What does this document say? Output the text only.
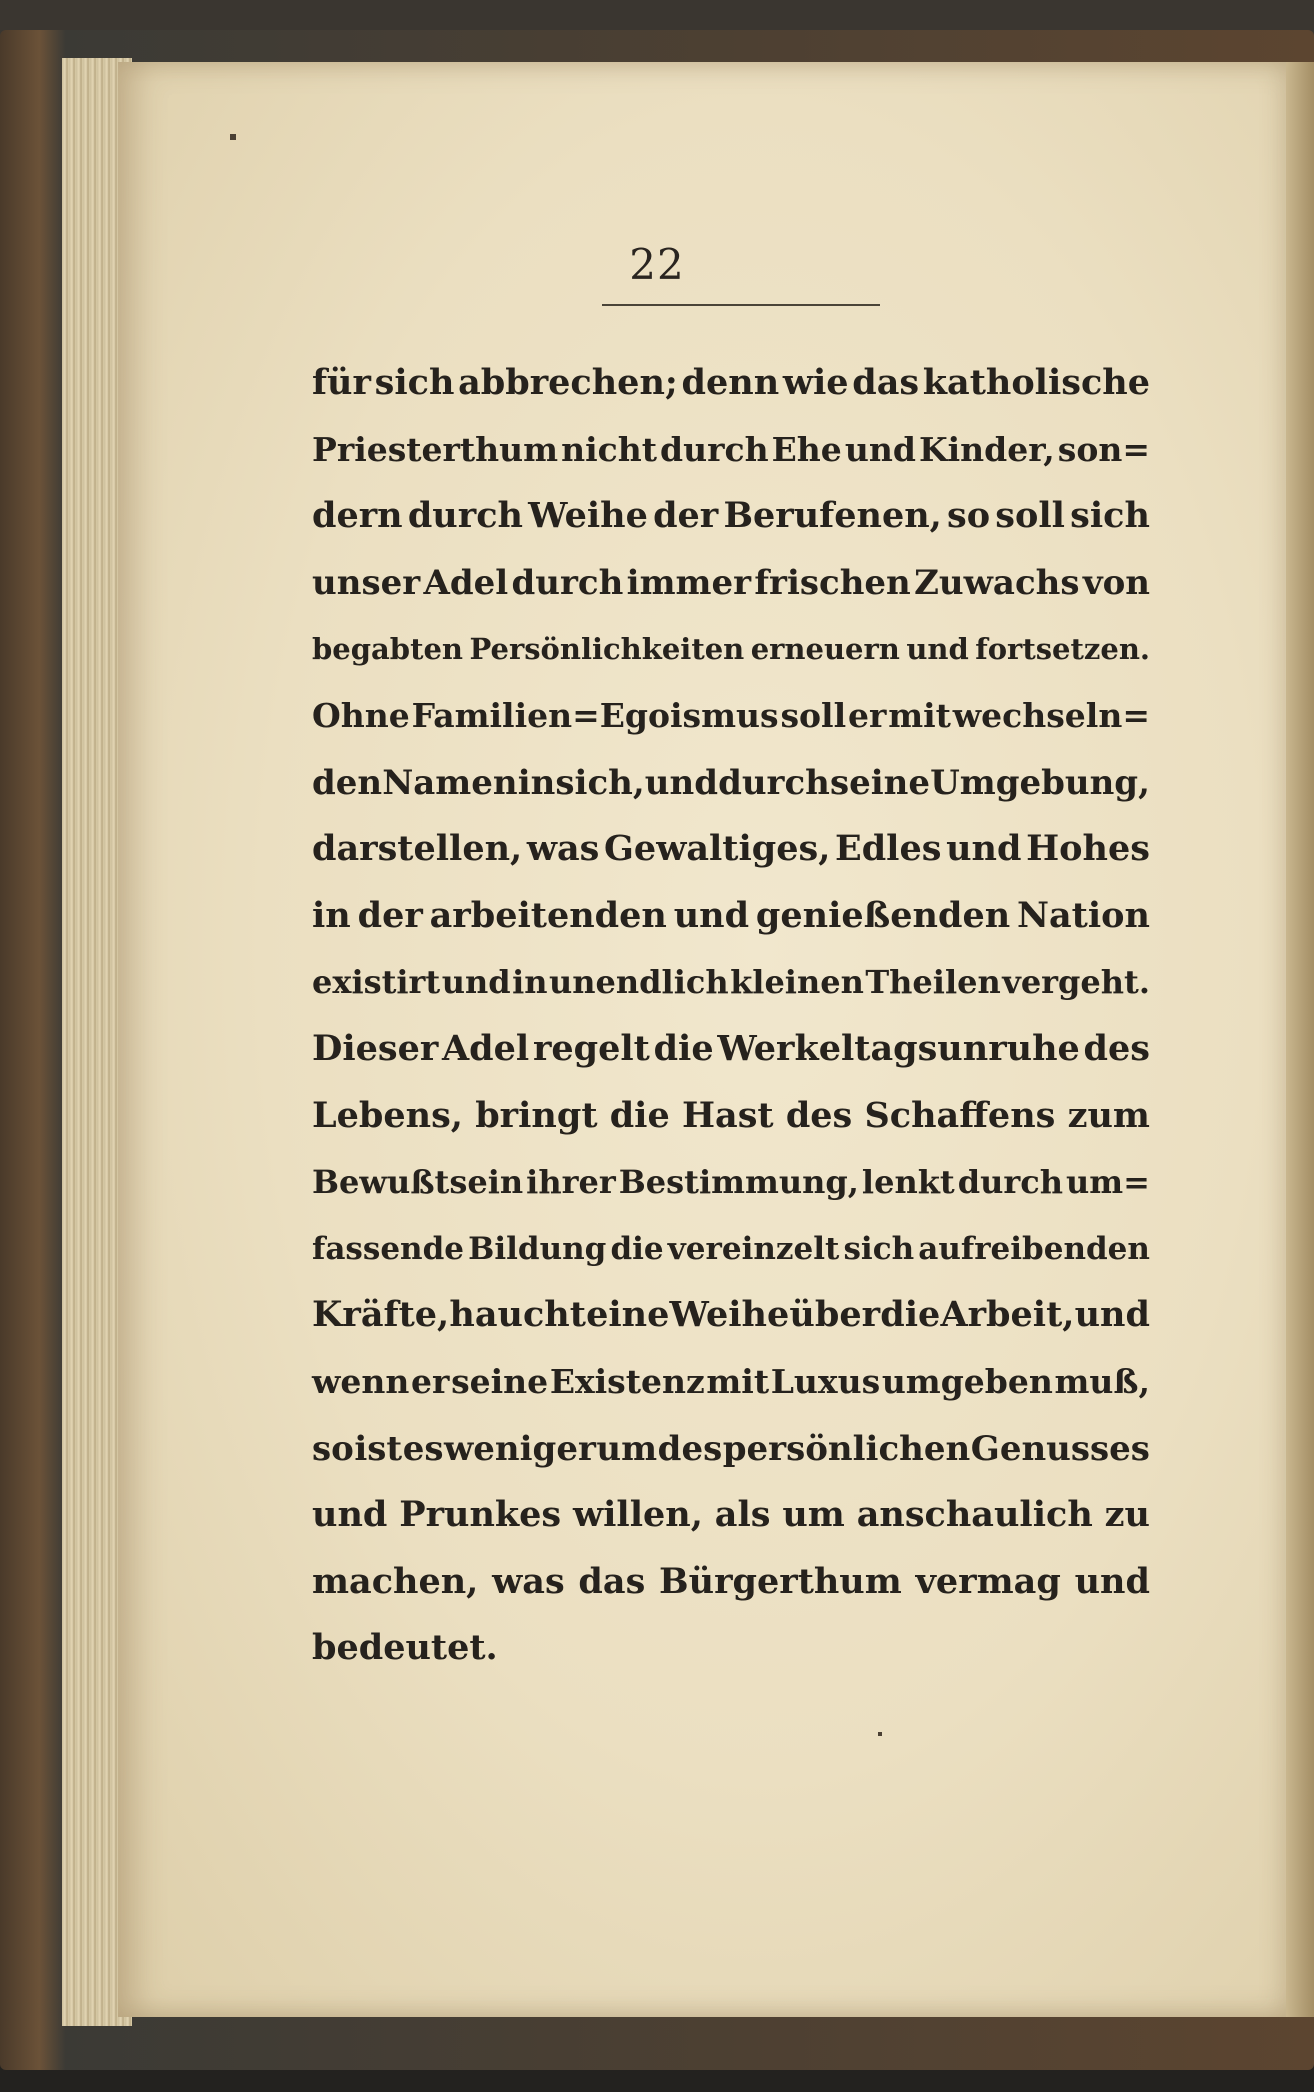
22
für sich abbrechen; denn wie das katholische
Priesterthum nicht durch Ehe und Kinder, son=
dern durch Weihe der Berufenen, so soll sich
unser Adel durch immer frischen Zuwachs von
begabten Persönlichkeiten erneuern und fortsetzen.
Ohne Familien=Egoismus soll er mit wechseln=
den Namen in sich, und durch seine Umgebung,
darstellen, was Gewaltiges, Edles und Hohes
in der arbeitenden und genießenden Nation
existirt und in unendlich kleinen Theilen vergeht.
Dieser Adel regelt die Werkeltagsunruhe des
Lebens, bringt die Hast des Schaffens zum
Bewußtsein ihrer Bestimmung, lenkt durch um=
fassende Bildung die vereinzelt sich aufreibenden
Kräfte, haucht eine Weihe über die Arbeit, und
wenn er seine Existenz mit Luxus umgeben muß,
so ist es weniger um des persönlichen Genusses
und Prunkes willen, als um anschaulich zu
machen, was das Bürgerthum vermag und
bedeutet.
